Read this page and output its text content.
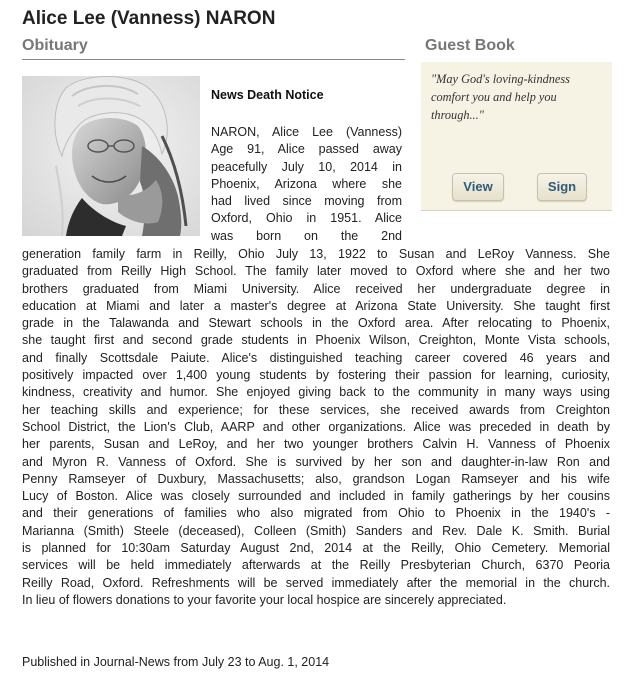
Alice Lee (Vanness) NARON
Obituary	Guest Book
"May God's loving-kindness comfort you and help you through..."
View	Sign
News Death Notice
NARON, Alice Lee (Vanness)
Age 91, Alice passed away
peacefully July 10, 2014 in
Phoenix, Arizona where she
had lived since moving from
Oxford, Ohio in 1951. Alice
was born on the 2nd
generation family farm in Reilly, Ohio July 13, 1922 to Susan and LeRoy Vanness. She
graduated from Reilly High School. The family later moved to Oxford where she and her two
brothers graduated from Miami University. Alice received her undergraduate degree in
education at Miami and later a master's degree at Arizona State University. She taught first
grade in the Talawanda and Stewart schools in the Oxford area. After relocating to Phoenix,
she taught first and second grade students in Phoenix Wilson, Creighton, Monte Vista schools,
and finally Scottsdale Paiute. Alice's distinguished teaching career covered 46 years and
positively impacted over 1,400 young students by fostering their passion for learning, curiosity,
kindness, creativity and humor. She enjoyed giving back to the community in many ways using
her teaching skills and experience; for these services, she received awards from Creighton
School District, the Lion's Club, AARP and other organizations. Alice was preceded in death by
her parents, Susan and LeRoy, and her two younger brothers Calvin H. Vanness of Phoenix
and Myron R. Vanness of Oxford. She is survived by her son and daughter-in-law Ron and
Penny Ramseyer of Duxbury, Massachusetts; also, grandson Logan Ramseyer and his wife
Lucy of Boston. Alice was closely surrounded and included in family gatherings by her cousins
and their generations of families who also migrated from Ohio to Phoenix in the 1940's -
Marianna (Smith) Steele (deceased), Colleen (Smith) Sanders and Rev. Dale K. Smith. Burial
is planned for 10:30am Saturday August 2nd, 2014 at the Reilly, Ohio Cemetery. Memorial
services will be held immediately afterwards at the Reilly Presbyterian Church, 6370 Peoria
Reilly Road, Oxford. Refreshments will be served immediately after the memorial in the church.
In lieu of flowers donations to your favorite your local hospice are sincerely appreciated.
Published in Journal-News from July 23 to Aug. 1, 2014
